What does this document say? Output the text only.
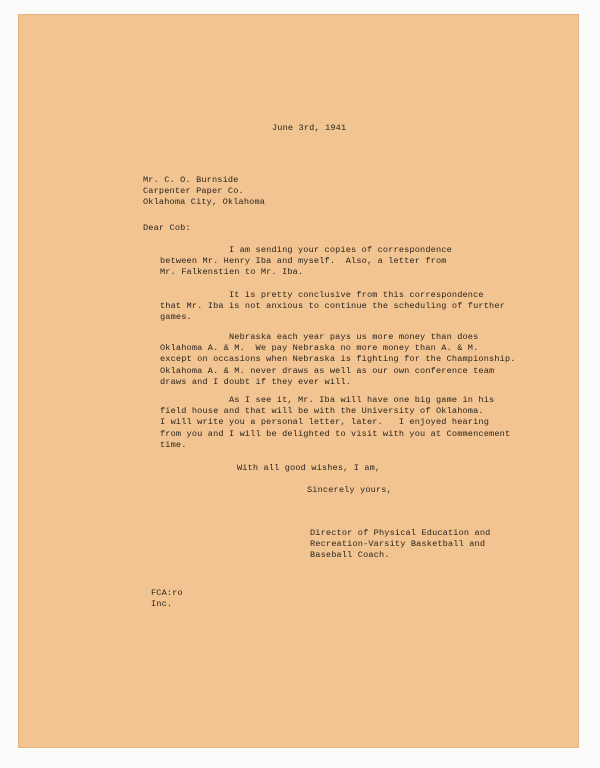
June 3rd, 1941

Mr. C. O. Burnside
Carpenter Paper Co.
Oklahoma City, Oklahoma

Dear Cob:

I am sending your copies of correspondence
between Mr. Henry Iba and myself.  Also, a letter from
Mr. Falkenstien to Mr. Iba.

It is pretty conclusive from this correspondence
that Mr. Iba is not anxious to continue the scheduling of further
games.

Nebraska each year pays us more money than does
Oklahoma A. & M.  We pay Nebraska no more money than A. & M.
except on occasions when Nebraska is fighting for the Championship.
Oklahoma A. & M. never draws as well as our own conference team
draws and I doubt if they ever will.

As I see it, Mr. Iba will have one big game in his
field house and that will be with the University of Oklahoma.
I will write you a personal letter, later.   I enjoyed hearing
from you and I will be delighted to visit with you at Commencement
time.

With all good wishes, I am,

Sincerely yours,

Director of Physical Education and
Recreation-Varsity Basketball and
Baseball Coach.

FCA:ro
Inc.
